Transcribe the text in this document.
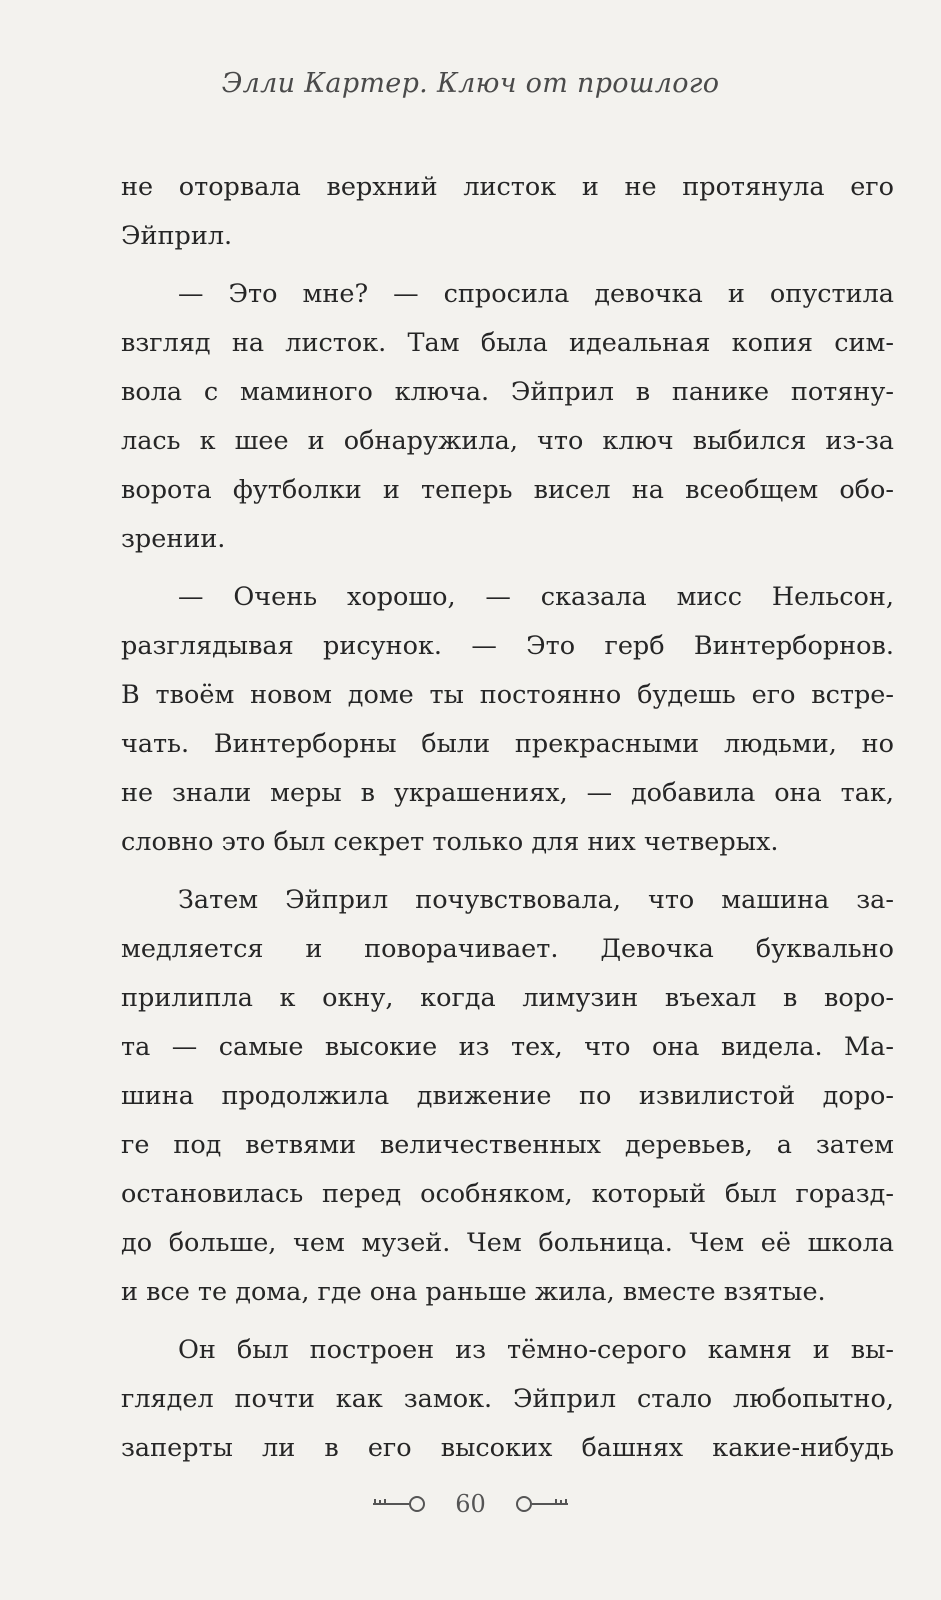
Элли Картер. Ключ от прошлого
не оторвала верхний листок и не протянула его
Эйприл.
— Это мне? — спросила девочка и опустила
взгляд на листок. Там была идеальная копия сим-
вола с маминого ключа. Эйприл в панике потяну-
лась к шее и обнаружила, что ключ выбился из-за
ворота футболки и теперь висел на всеобщем обо-
зрении.
— Очень хорошо, — сказала мисс Нельсон,
разглядывая рисунок. — Это герб Винтерборнов.
В твоём новом доме ты постоянно будешь его встре-
чать. Винтерборны были прекрасными людьми, но
не знали меры в украшениях, — добавила она так,
словно это был секрет только для них четверых.
Затем Эйприл почувствовала, что машина за-
медляется и поворачивает. Девочка буквально
прилипла к окну, когда лимузин въехал в воро-
та — самые высокие из тех, что она видела. Ма-
шина продолжила движение по извилистой доро-
ге под ветвями величественных деревьев, а затем
остановилась перед особняком, который был горазд-
до больше, чем музей. Чем больница. Чем её школа
и все те дома, где она раньше жила, вместе взятые.
Он был построен из тёмно-серого камня и вы-
глядел почти как замок. Эйприл стало любопытно,
заперты ли в его высоких башнях какие-нибудь
60
